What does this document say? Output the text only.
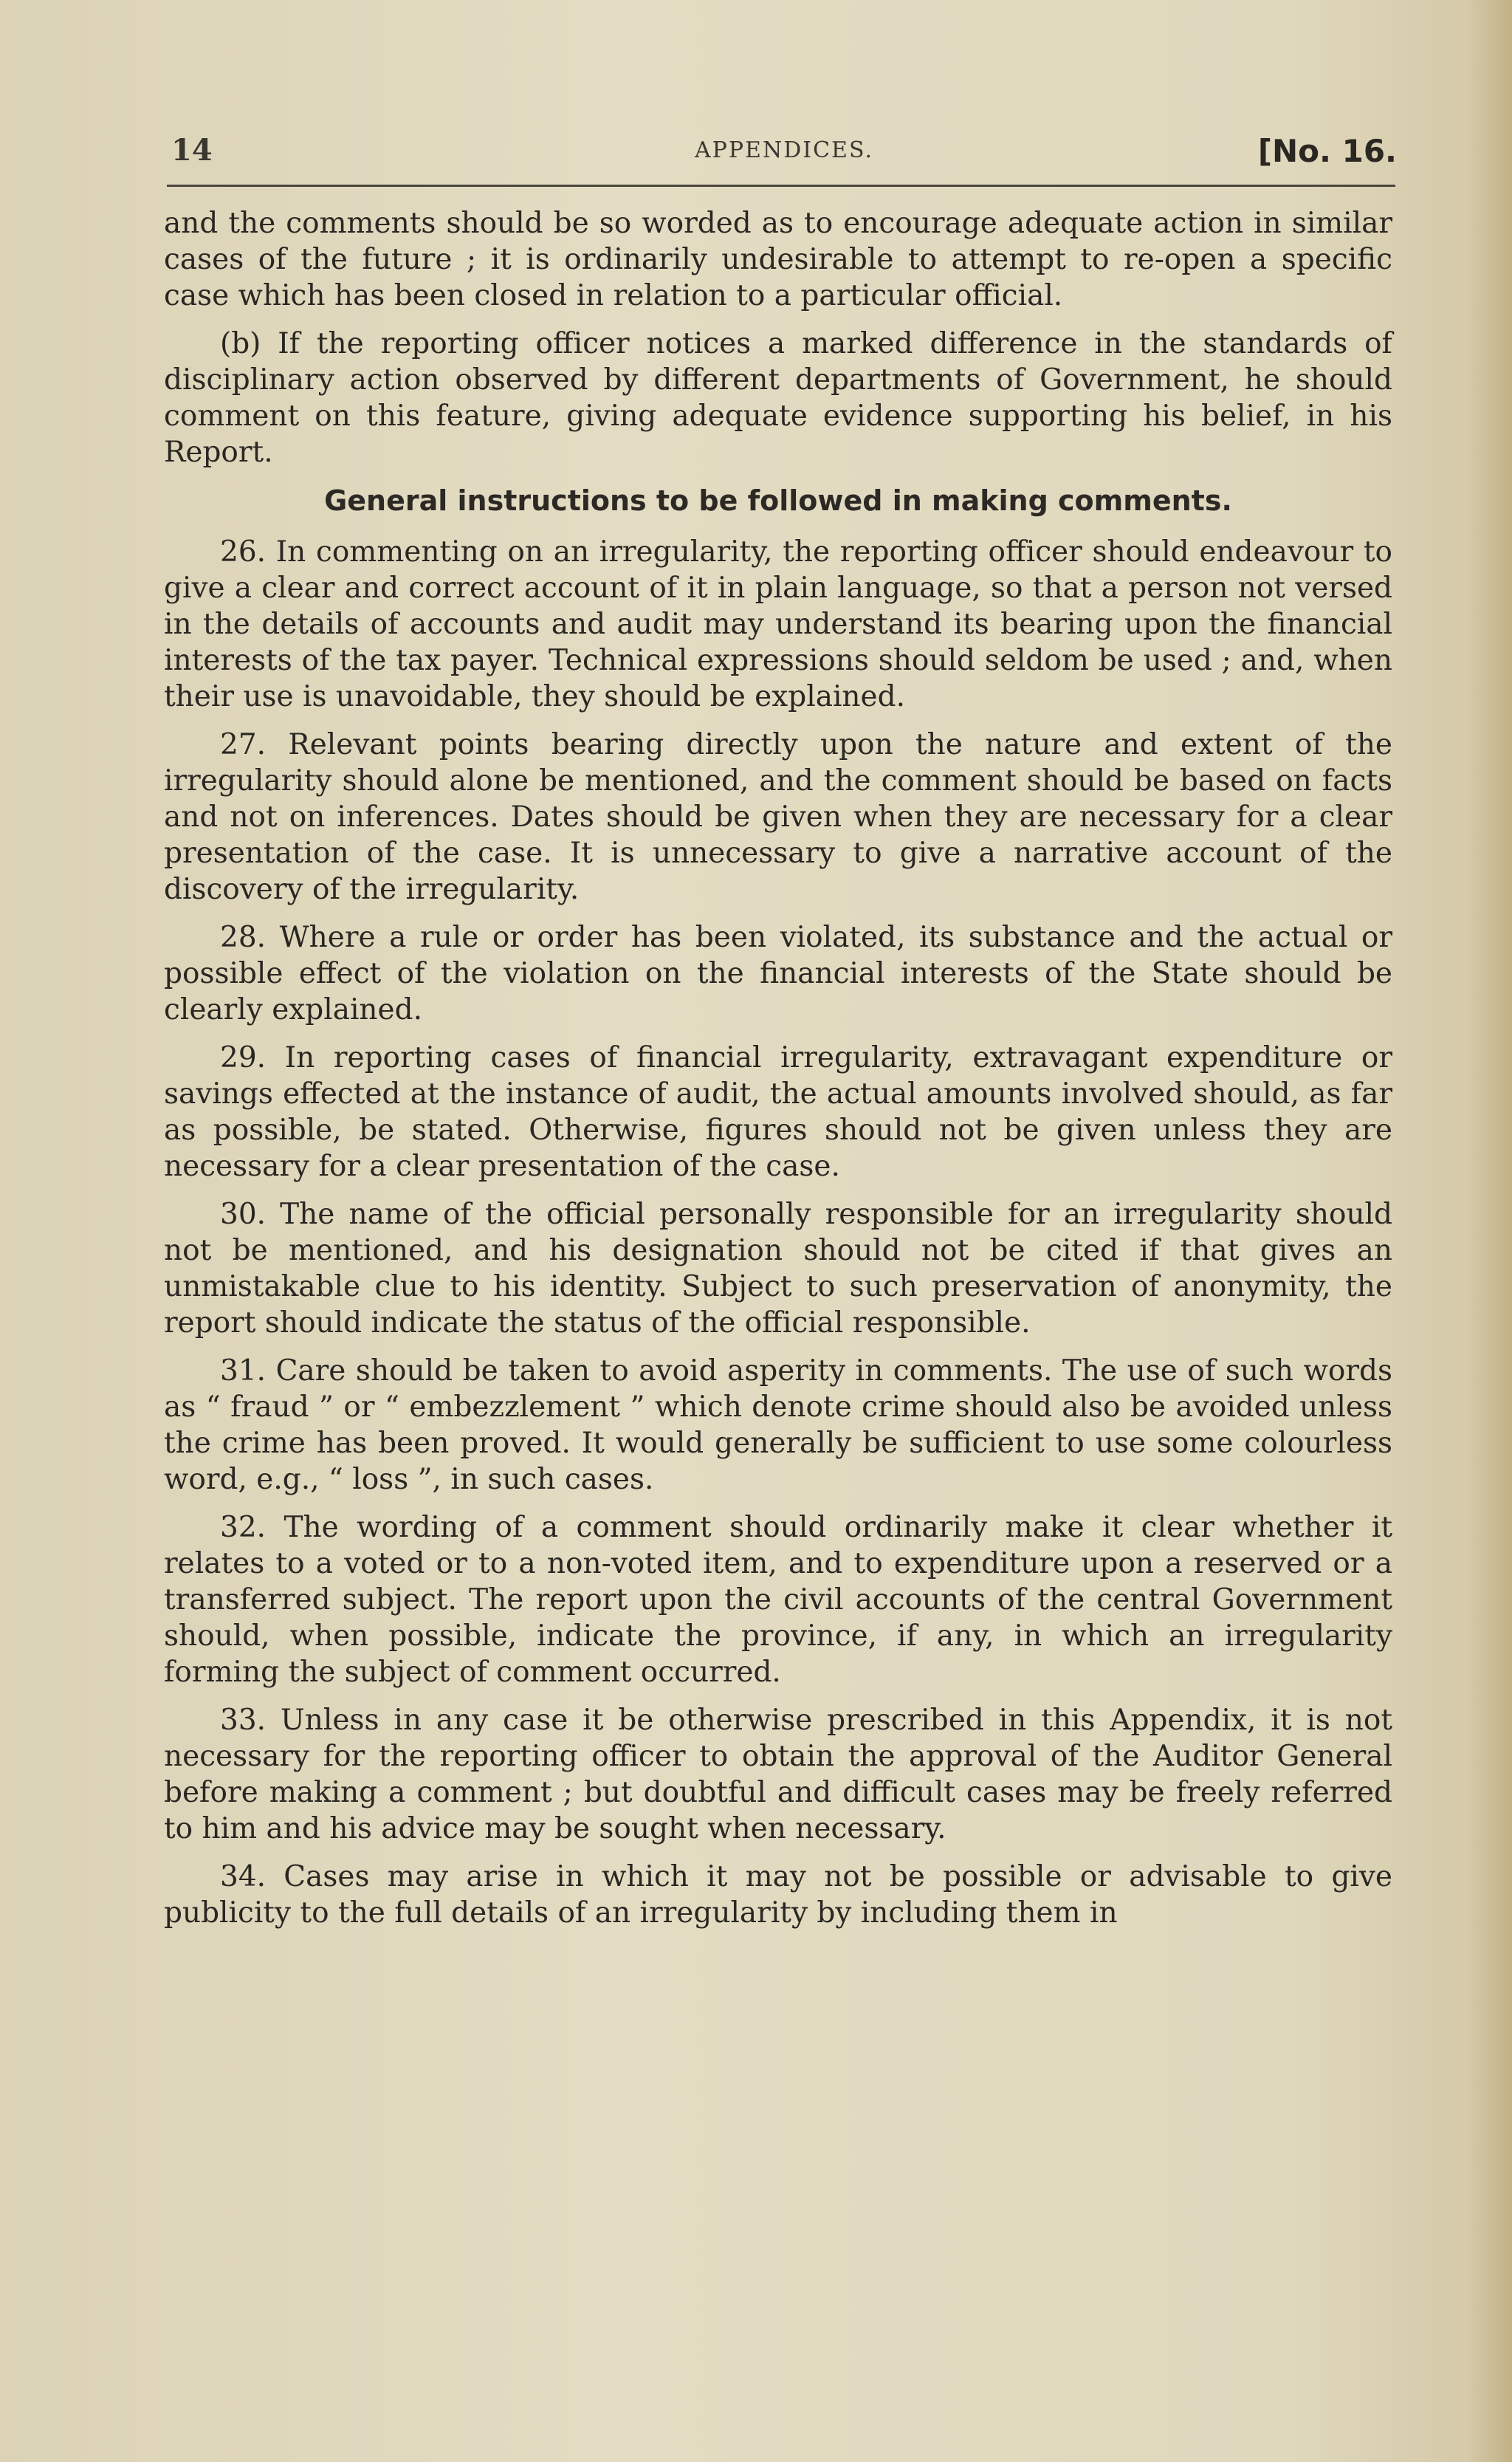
14	APPENDICES.	[No. 16.

and the comments should be so worded as to encourage adequate action in similar cases of the future ; it is ordinarily undesirable to attempt to re-open a specific case which has been closed in relation to a particular official.

(b) If the reporting officer notices a marked difference in the standards of disciplinary action observed by different departments of Government, he should comment on this feature, giving adequate evidence supporting his belief, in his Report.

General instructions to be followed in making comments.

26. In commenting on an irregularity, the reporting officer should endeavour to give a clear and correct account of it in plain language, so that a person not versed in the details of accounts and audit may understand its bearing upon the financial interests of the tax payer. Technical expressions should seldom be used ; and, when their use is unavoidable, they should be explained.

27. Relevant points bearing directly upon the nature and extent of the irregularity should alone be mentioned, and the comment should be based on facts and not on inferences. Dates should be given when they are necessary for a clear presentation of the case. It is unnecessary to give a narrative account of the discovery of the irregularity.

28. Where a rule or order has been violated, its substance and the actual or possible effect of the violation on the financial interests of the State should be clearly explained.

29. In reporting cases of financial irregularity, extravagant expenditure or savings effected at the instance of audit, the actual amounts involved should, as far as possible, be stated. Otherwise, figures should not be given unless they are necessary for a clear presentation of the case.

30. The name of the official personally responsible for an irregularity should not be mentioned, and his designation should not be cited if that gives an unmistakable clue to his identity. Subject to such preservation of anonymity, the report should indicate the status of the official responsible.

31. Care should be taken to avoid asperity in comments. The use of such words as “ fraud ” or “ embezzlement ” which denote crime should also be avoided unless the crime has been proved. It would generally be sufficient to use some colourless word, e.g., “ loss ”, in such cases.

32. The wording of a comment should ordinarily make it clear whether it relates to a voted or to a non-voted item, and to expenditure upon a reserved or a transferred subject. The report upon the civil accounts of the central Government should, when possible, indicate the province, if any, in which an irregularity forming the subject of comment occurred.

33. Unless in any case it be otherwise prescribed in this Appendix, it is not necessary for the reporting officer to obtain the approval of the Auditor General before making a comment ; but doubtful and difficult cases may be freely referred to him and his advice may be sought when necessary.

34. Cases may arise in which it may not be possible or advisable to give publicity to the full details of an irregularity by including them in
